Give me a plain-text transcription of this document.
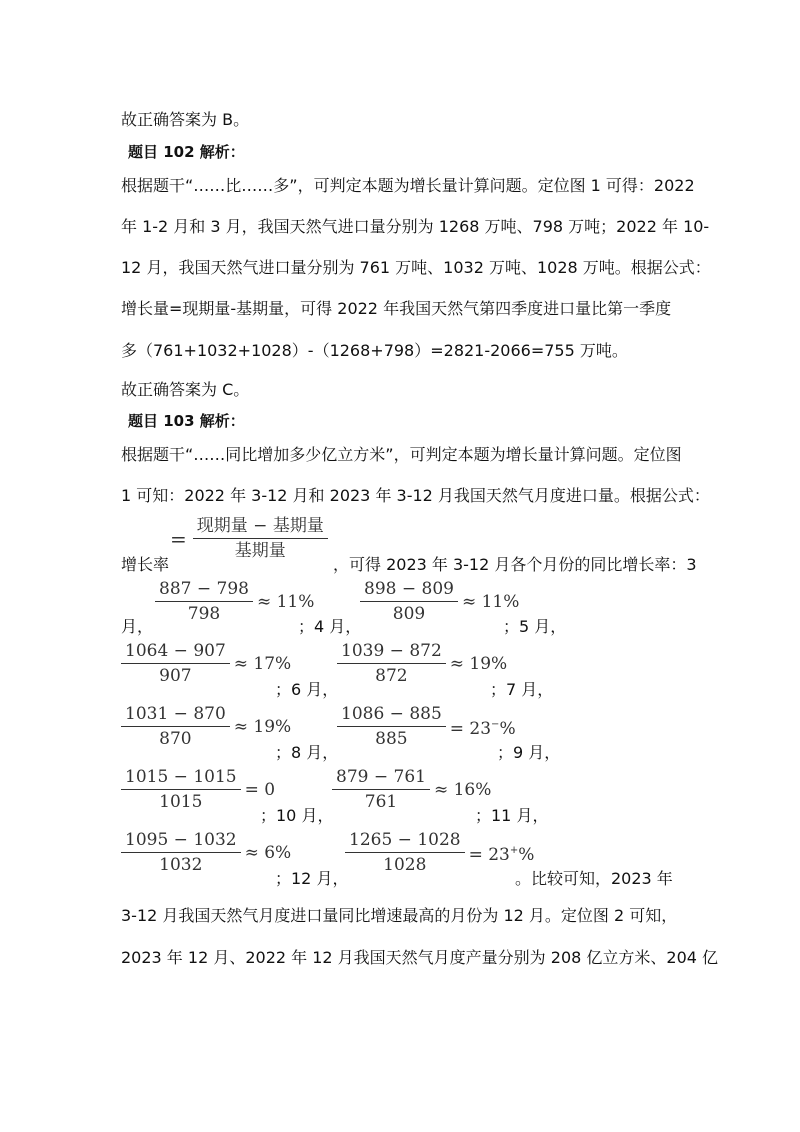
故正确答案为 B。
题目 102 解析：
根据题干“……比……多”，可判定本题为增长量计算问题。定位图 1 可得：2022
年 1-2 月和 3 月，我国天然气进口量分别为 1268 万吨、798 万吨；2022 年 10-
12 月，我国天然气进口量分别为 761 万吨、1032 万吨、1028 万吨。根据公式：
增长量=现期量-基期量，可得 2022 年我国天然气第四季度进口量比第一季度
多（761+1032+1028）-（1268+798）=2821-2066=755 万吨。
故正确答案为 C。
题目 103 解析：
根据题干“……同比增加多少亿立方米”，可判定本题为增长量计算问题。定位图
1 可知：2022 年 3-12 月和 2023 年 3-12 月我国天然气月度进口量。根据公式：
= $\frac{\text{现期量 − 基期量}}{\text{基期量}}$
增长率	，可得 2023 年 3-12 月各个月份的同比增长率：3
$\frac{887 - 798}{798} \approx 11\%$
月，	；4 月，
$\frac{898 - 809}{809} \approx 11\%$
；5 月，
$\frac{1064 - 907}{907} \approx 17\%$
；6 月，
$\frac{1039 - 872}{872} \approx 19\%$
；7 月，
$\frac{1031 - 870}{870} \approx 19\%$
；8 月，
$\frac{1086 - 885}{885} = 23^-\%$
；9 月，
$\frac{1015 - 1015}{1015} = 0$
；10 月，
$\frac{879 - 761}{761} \approx 16\%$
；11 月，
$\frac{1095 - 1032}{1032} \approx 6\%$
；12 月，
$\frac{1265 - 1028}{1028} = 23^+\%$
。比较可知，2023 年
3-12 月我国天然气月度进口量同比增速最高的月份为 12 月。定位图 2 可知，
2023 年 12 月、2022 年 12 月我国天然气月度产量分别为 208 亿立方米、204 亿
